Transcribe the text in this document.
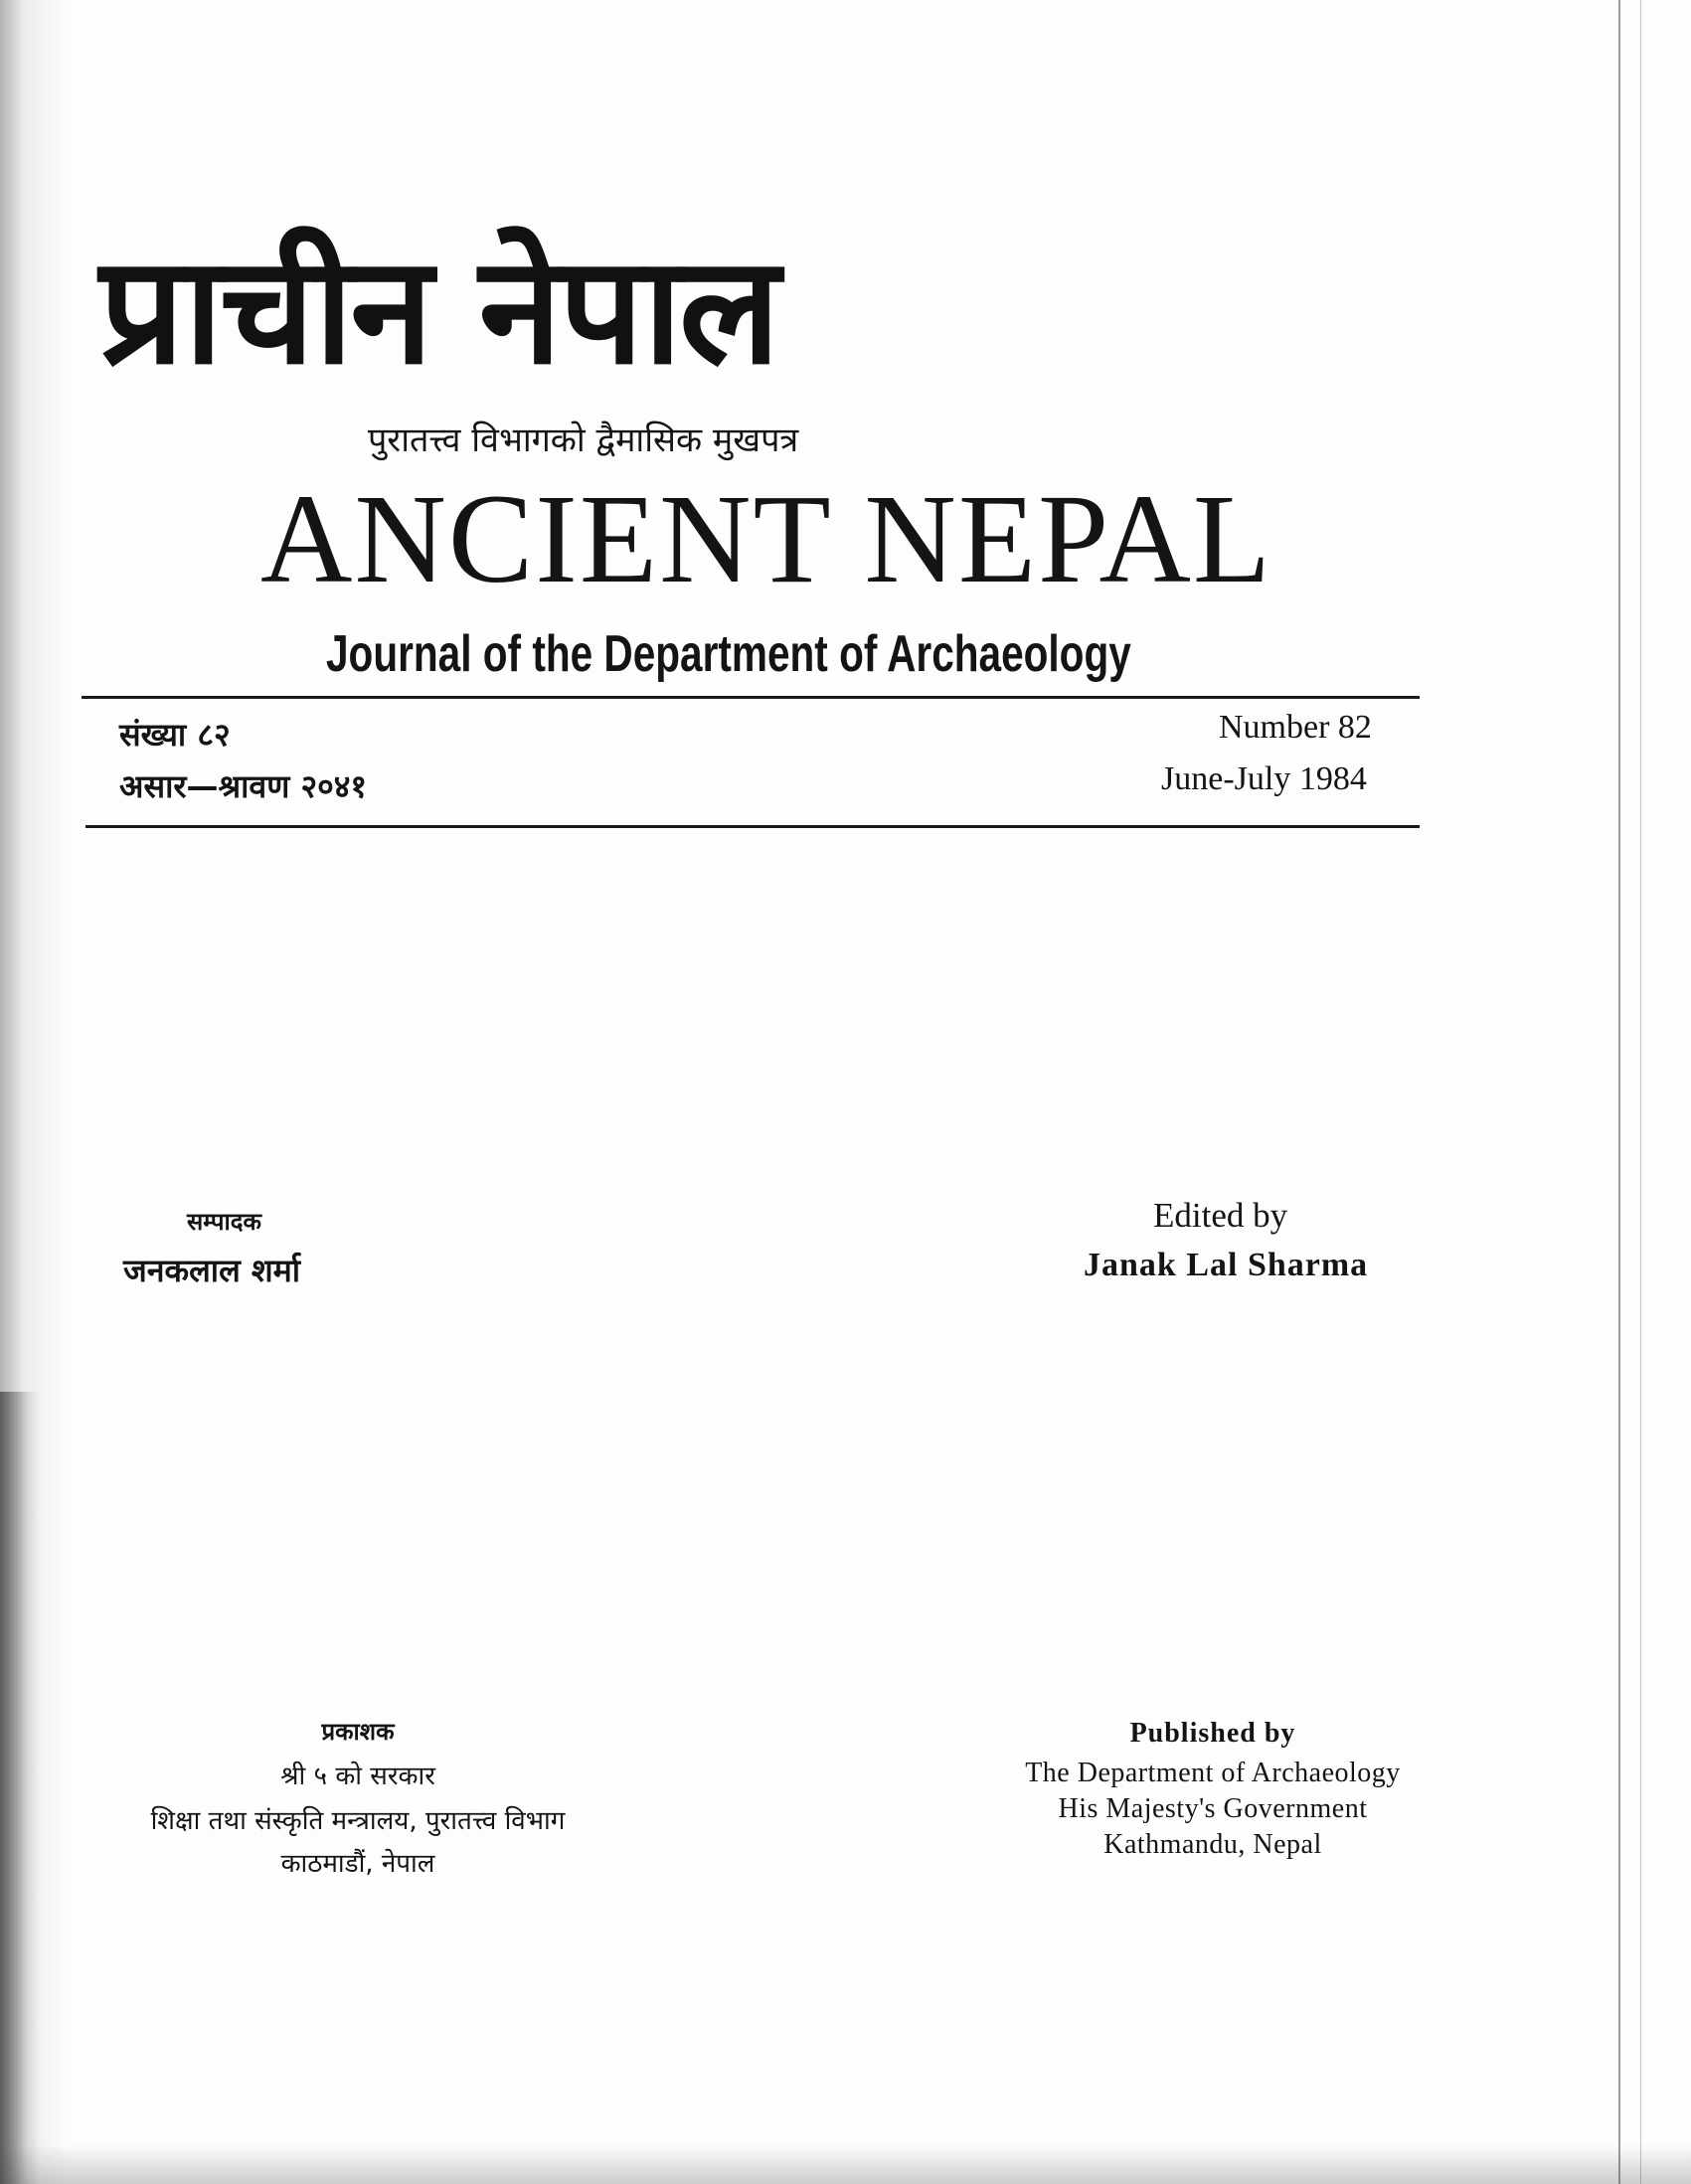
प्राचीन नेपाल
पुरातत्त्व विभागको द्वैमासिक मुखपत्र
ANCIENT NEPAL
Journal of the Department of Archaeology
संख्या ८२
असार—श्रावण २०४१
Number 82
June-July 1984
सम्पादक
जनकलाल शर्मा
Edited by
Janak Lal Sharma
प्रकाशक
श्री ५ को सरकार
शिक्षा तथा संस्कृति मन्त्रालय, पुरातत्त्व विभाग
काठमाडौं, नेपाल
Published by
The Department of Archaeology
His Majesty's Government
Kathmandu, Nepal
